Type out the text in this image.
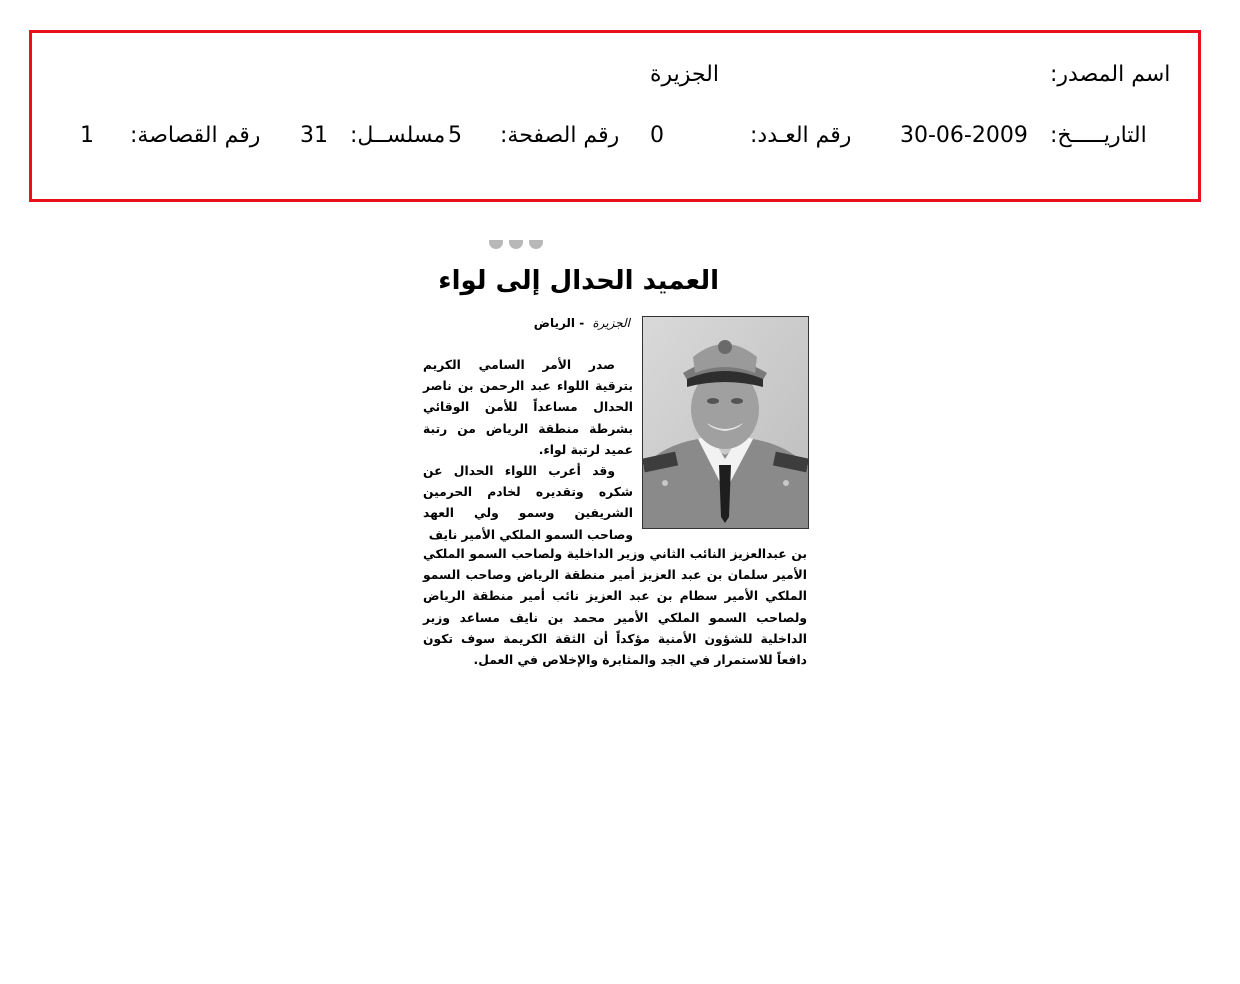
اسم المصدر:
الجزيرة
التاريـــــخ:
30-06-2009
رقم العـدد:
0
رقم الصفحة:
5
مسلســل:
31
رقم القصاصة:
1
العميد الحدال إلى لواء
الجزيرة - الرياض

صدر الأمر السامي الكريم بترقية اللواء عبد الرحمن بن ناصر الحدال مساعداً للأمن الوقائي بشرطة منطقة الرياض من رتبة عميد لرتبة لواء.

وقد أعرب اللواء الحدال عن شكره وتقديره لخادم الحرمين الشريفين وسمو ولي العهد وصاحب السمو الملكي الأمير نايف

بن عبدالعزيز النائب الثاني وزير الداخلية ولصاحب السمو الملكي الأمير سلمان بن عبد العزيز أمير منطقة الرياض وصاحب السمو الملكي الأمير سطام بن عبد العزيز نائب أمير منطقة الرياض ولصاحب السمو الملكي الأمير محمد بن نايف مساعد وزير الداخلية للشؤون الأمنية مؤكداً أن الثقة الكريمة سوف تكون دافعاً للاستمرار في الجد والمثابرة والإخلاص في العمل.
